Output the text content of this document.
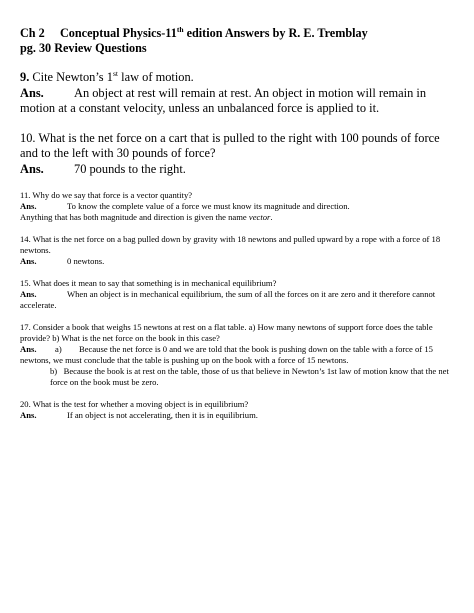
Ch 2 Conceptual Physics-11th edition Answers by R. E. Tremblay

pg. 30 Review Questions

9. Cite Newton’s 1st law of motion.

Ans. An object at rest will remain at rest. An object in motion will remain in motion at a constant velocity, unless an unbalanced force is applied to it.

10. What is the net force on a cart that is pulled to the right with 100 pounds of force and to the left with 30 pounds of force?

Ans. 70 pounds to the right.

11. Why do we say that force is a vector quantity?

Ans.	To know the complete value of a force we must know its magnitude and direction.

Anything that has both magnitude and direction is given the name vector.

14. What is the net force on a bag pulled down by gravity with 18 newtons and pulled upward by a rope with a force of 18 newtons.

Ans.	0 newtons.

15. What does it mean to say that something is in mechanical equilibrium?

Ans.	When an object is in mechanical equilibrium, the sum of all the forces on it are zero and it therefore cannot accelerate.

17. Consider a book that weighs 15 newtons at rest on a flat table. a) How many newtons of support force does the table provide? b) What is the net force on the book in this case?

Ans. a) Because the net force is 0 and we are told that the book is pushing down on the table with a force of 15 newtons, we must conclude that the table is pushing up on the book with a force of 15 newtons.

b) Because the book is at rest on the table, those of us that believe in Newton’s 1st law of motion know that the net force on the book must be zero.

20. What is the test for whether a moving object is in equilibrium?

Ans.	If an object is not accelerating, then it is in equilibrium.
